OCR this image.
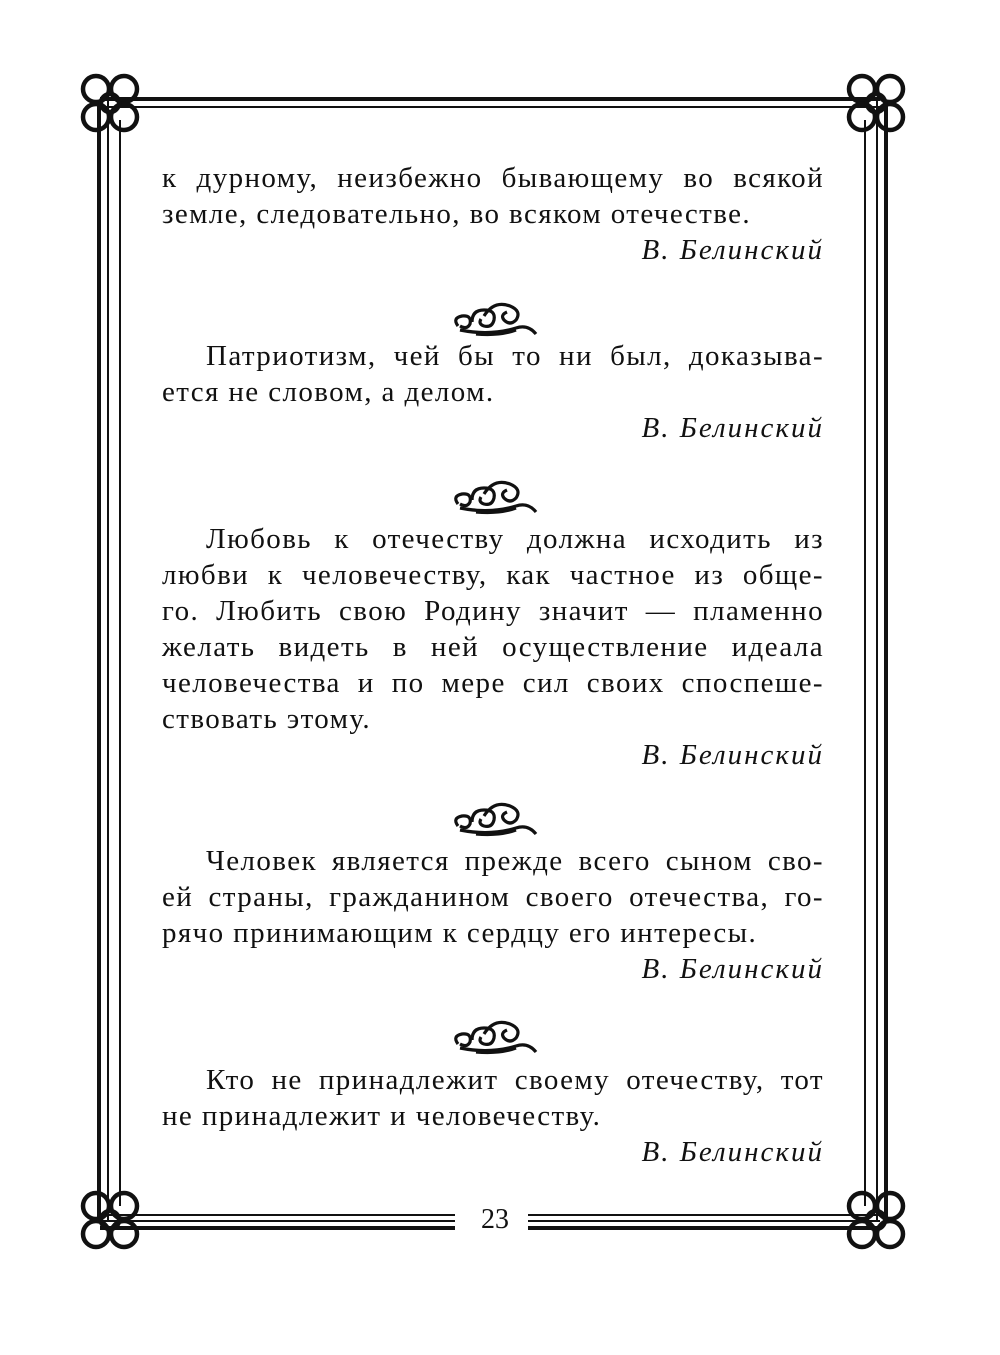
к дурному, неизбежно бывающему во всякой
земле, следовательно, во всяком отечестве.
В. Белинский
Патриотизм, чей бы то ни был, доказыва-
ется не словом, а делом.
В. Белинский
Любовь к отечеству должна исходить из
любви к человечеству, как частное из обще-
го. Любить свою Родину значит — пламенно
желать видеть в ней осуществление идеала
человечества и по мере сил своих споспеше-
ствовать этому.
В. Белинский
Человек является прежде всего сыном сво-
ей страны, гражданином своего отечества, го-
рячо принимающим к сердцу его интересы.
В. Белинский
Кто не принадлежит своему отечеству, тот
не принадлежит и человечеству.
В. Белинский
23
